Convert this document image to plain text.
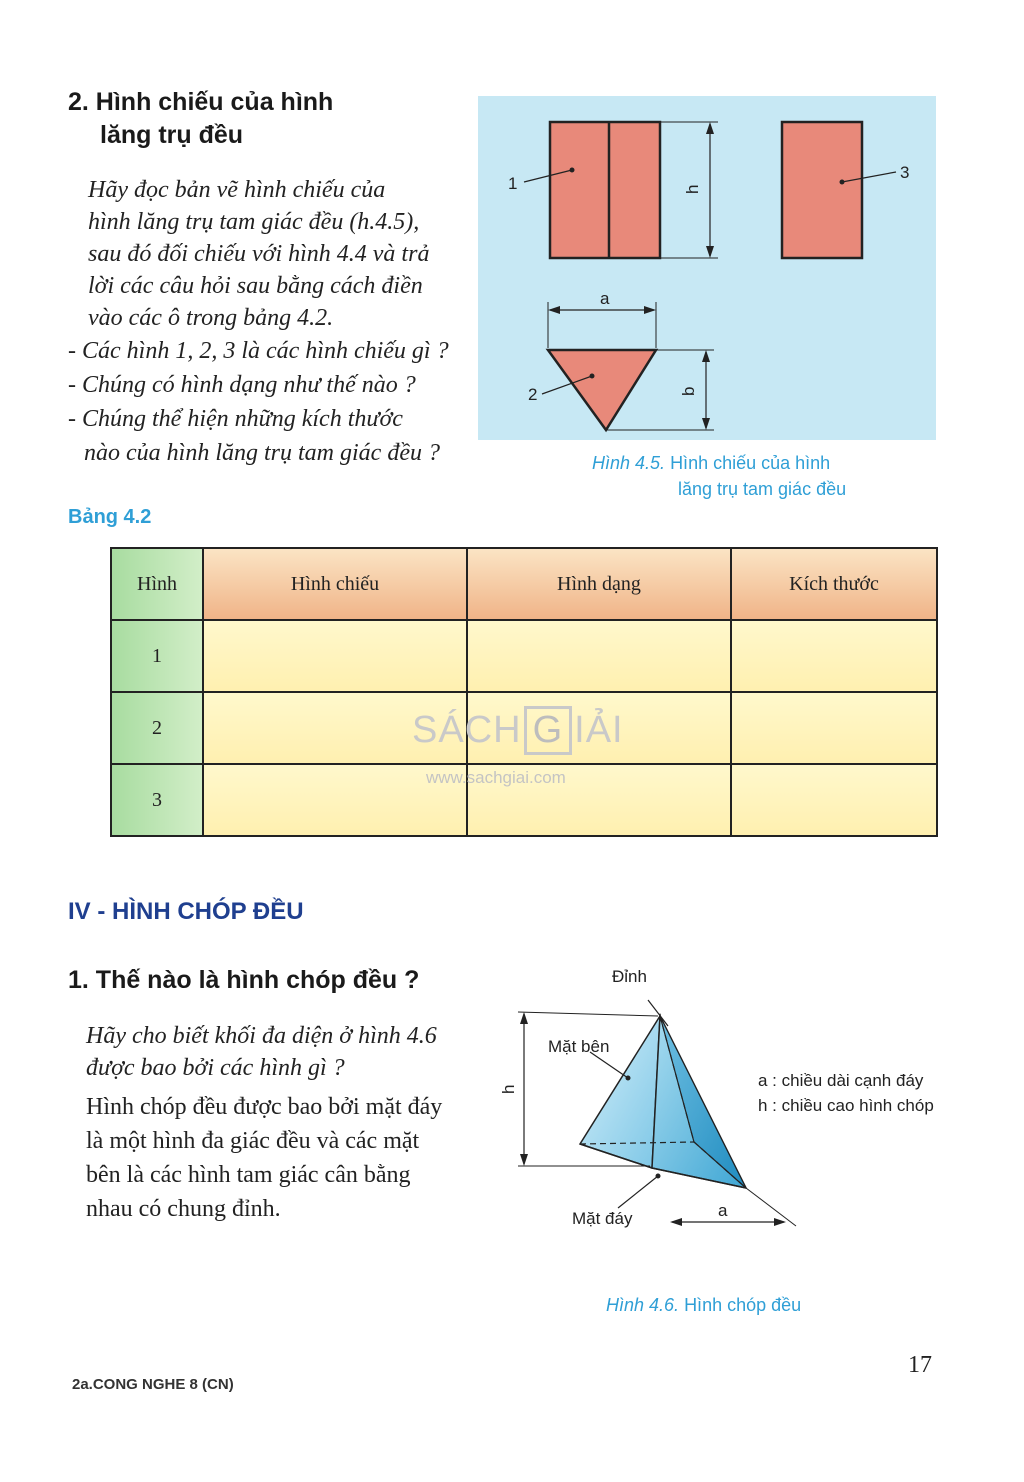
2. Hình chiếu của hình
lăng trụ đều
Hãy đọc bản vẽ hình chiếu của
hình lăng trụ tam giác đều (h.4.5),
sau đó đối chiếu với hình 4.4 và trả
lời các câu hỏi sau bằng cách điền
vào các ô trong bảng 4.2.
- Các hình 1, 2, 3 là các hình chiếu gì ?
- Chúng có hình dạng như thế nào ?
- Chúng thể hiện những kích thước
nào của hình lăng trụ tam giác đều ?
1
3
2
h
a
b
Hình 4.5. Hình chiếu của hình
lăng trụ tam giác đều
Bảng 4.2
Hình	Hình chiếu	Hình dạng	Kích thước
1			
2			
3			
SÁCH G IẢI
www.sachgiai.com
IV - HÌNH CHÓP ĐỀU
1. Thế nào là hình chóp đều ?
Hãy cho biết khối đa diện ở hình 4.6
được bao bởi các hình gì ?
Hình chóp đều được bao bởi mặt đáy
là một hình đa giác đều và các mặt
bên là các hình tam giác cân bằng
nhau có chung đỉnh.
Đỉnh
Mặt bên
Mặt đáy
h
a
a : chiều dài cạnh đáy
h : chiều cao hình chóp
Hình 4.6. Hình chóp đều
2a.CONG NGHE 8 (CN)
17
